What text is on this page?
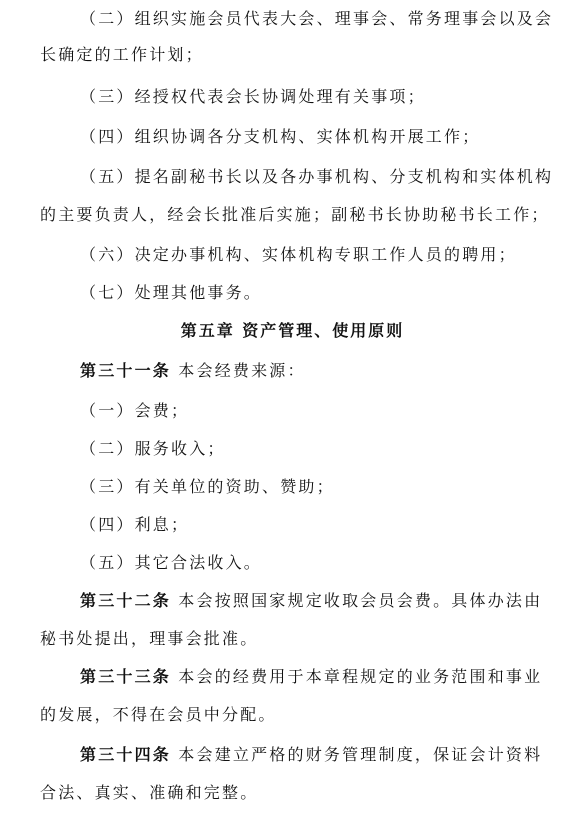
（二）组织实施会员代表大会、理事会、常务理事会以及会
长确定的工作计划；
（三）经授权代表会长协调处理有关事项；
（四）组织协调各分支机构、实体机构开展工作；
（五）提名副秘书长以及各办事机构、分支机构和实体机构
的主要负责人，经会长批准后实施；副秘书长协助秘书长工作；
（六）决定办事机构、实体机构专职工作人员的聘用；
（七）处理其他事务。
第五章 资产管理、使用原则
第三十一条 本会经费来源：
（一）会费；
（二）服务收入；
（三）有关单位的资助、赞助；
（四）利息；
（五）其它合法收入。
第三十二条 本会按照国家规定收取会员会费。具体办法由
秘书处提出，理事会批准。
第三十三条 本会的经费用于本章程规定的业务范围和事业
的发展，不得在会员中分配。
第三十四条 本会建立严格的财务管理制度，保证会计资料
合法、真实、准确和完整。
